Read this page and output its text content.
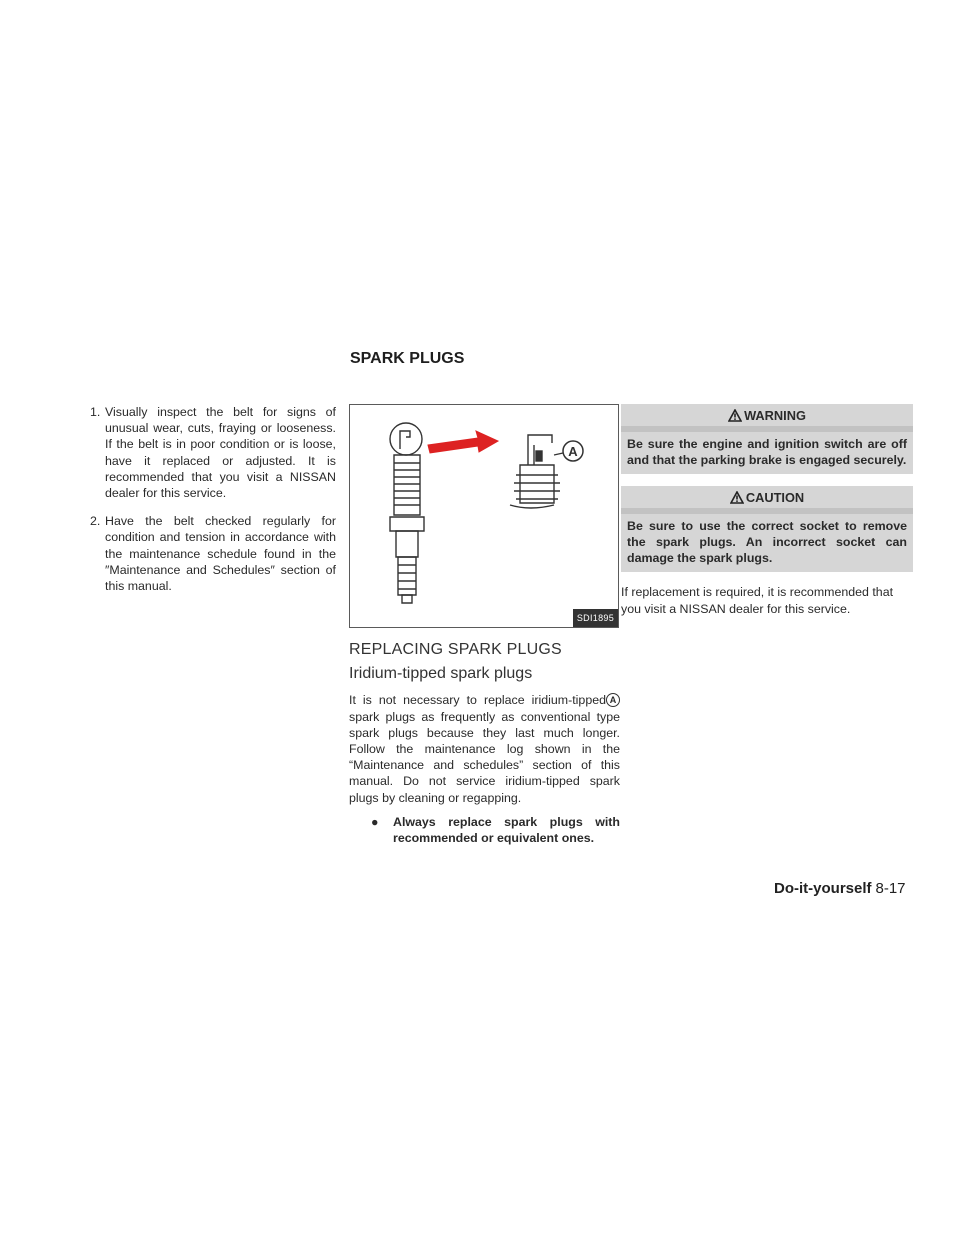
SPARK PLUGS
1. Visually inspect the belt for signs of unusual wear, cuts, fraying or looseness. If the belt is in poor condition or is loose, have it replaced or adjusted. It is recommended that you visit a NISSAN dealer for this service.
2. Have the belt checked regularly for condition and tension in accordance with the maintenance schedule found in the ″Maintenance and Schedules″ section of this manual.
A
SDI1895
REPLACING SPARK PLUGS
Iridium-tipped spark plugs

It is not necessary to replace iridium-tipped A spark plugs as frequently as conventional type spark plugs because they last much longer. Follow the maintenance log shown in the “Maintenance and schedules” section of this manual. Do not service iridium-tipped spark plugs by cleaning or regapping.

● Always replace spark plugs with recommended or equivalent ones.
WARNING
Be sure the engine and ignition switch are off and that the parking brake is engaged securely.
CAUTION
Be sure to use the correct socket to remove the spark plugs. An incorrect socket can damage the spark plugs.

If replacement is required, it is recommended that you visit a NISSAN dealer for this service.

Do-it-yourself 8-17
